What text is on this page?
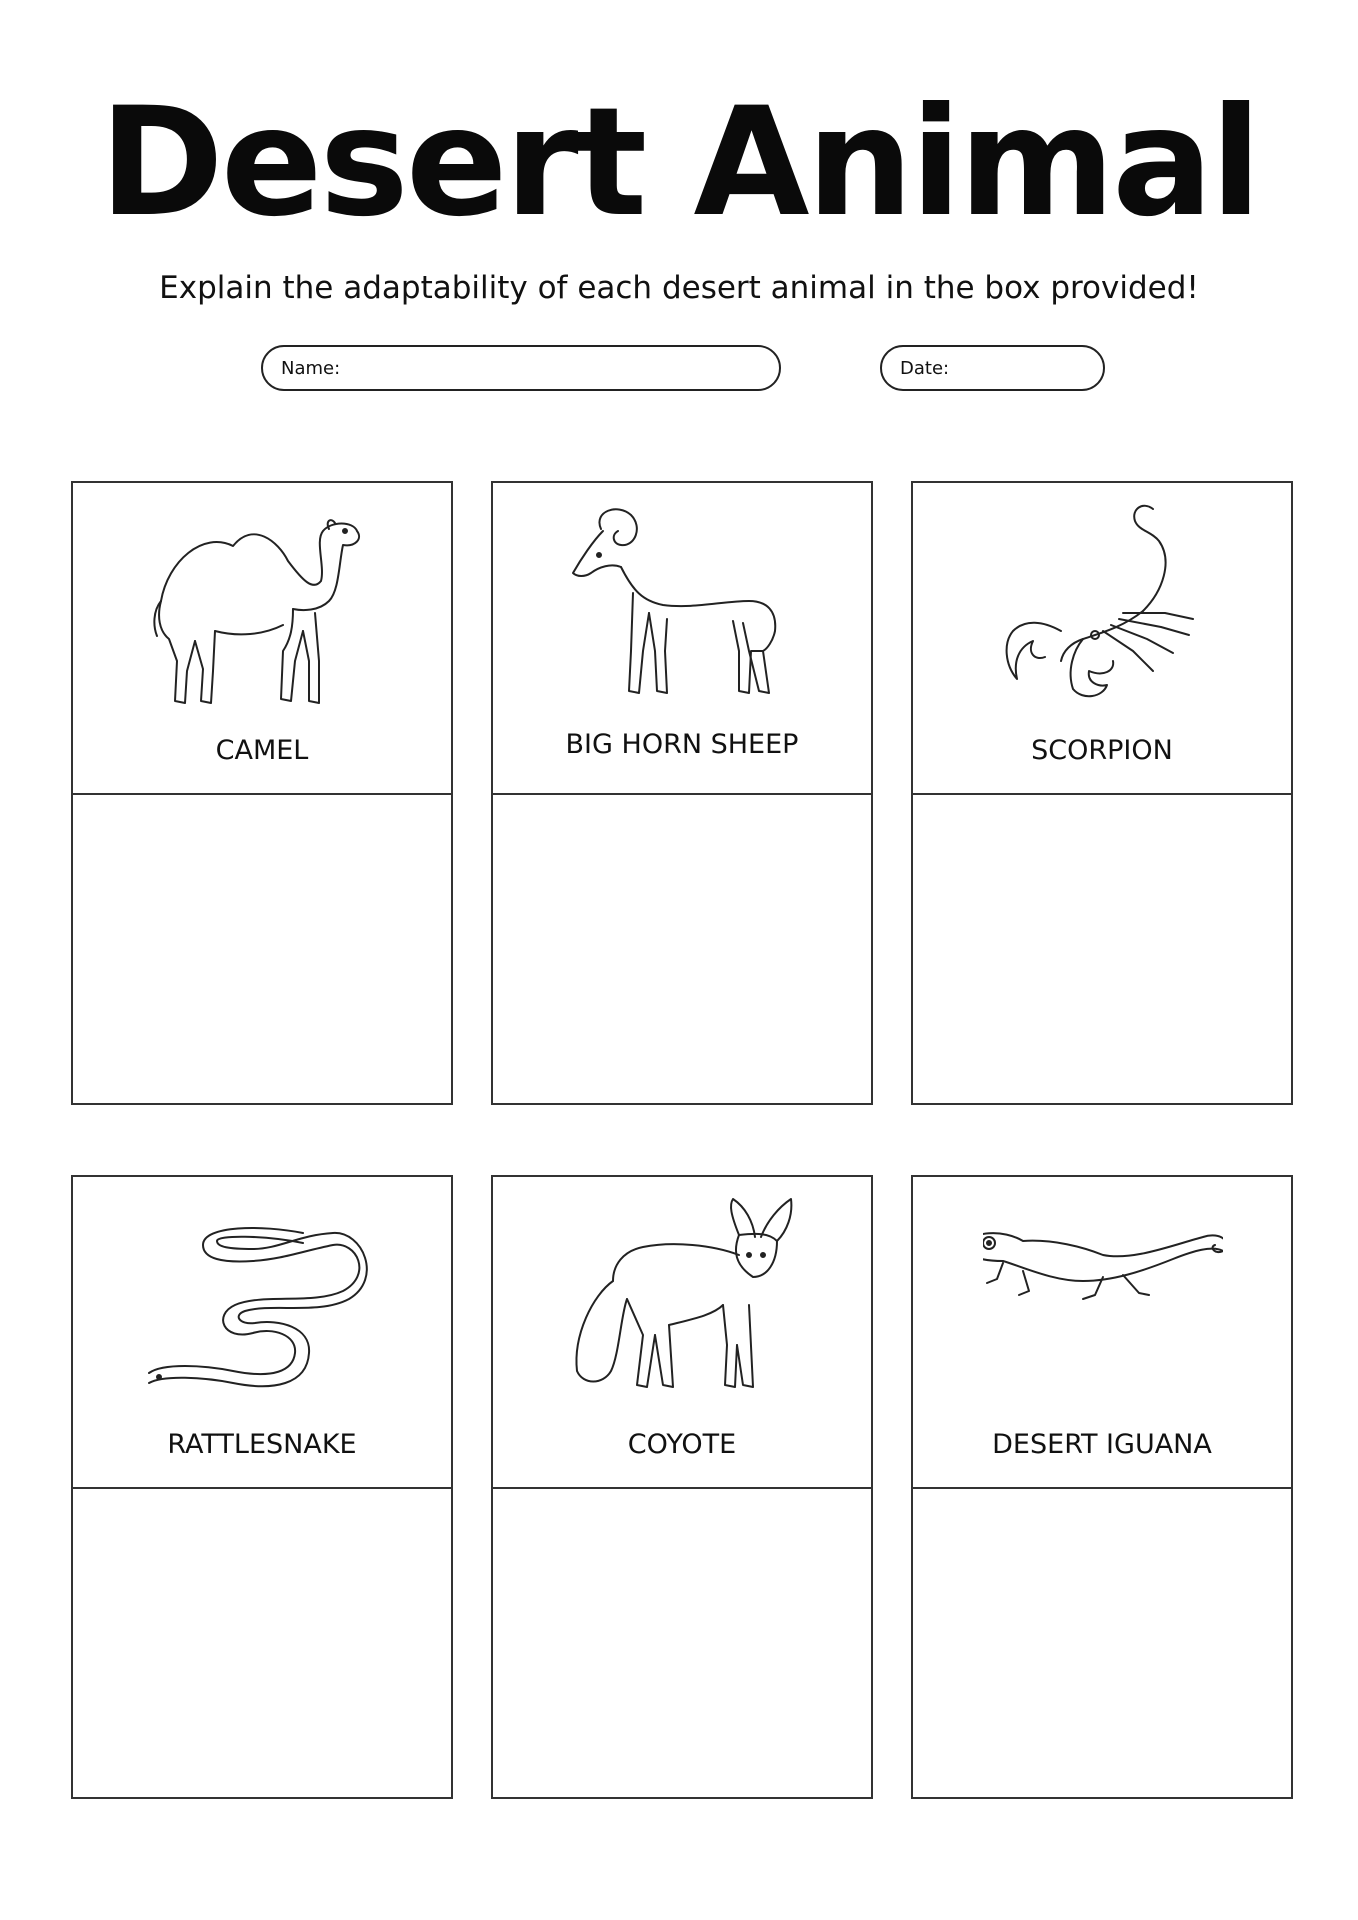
Desert Animal

Explain the adaptability of each desert animal in the box provided!

Name:	Date:
CAMEL	BIG HORN SHEEP	SCORPION
RATTLESNAKE	COYOTE	DESERT IGUANA
